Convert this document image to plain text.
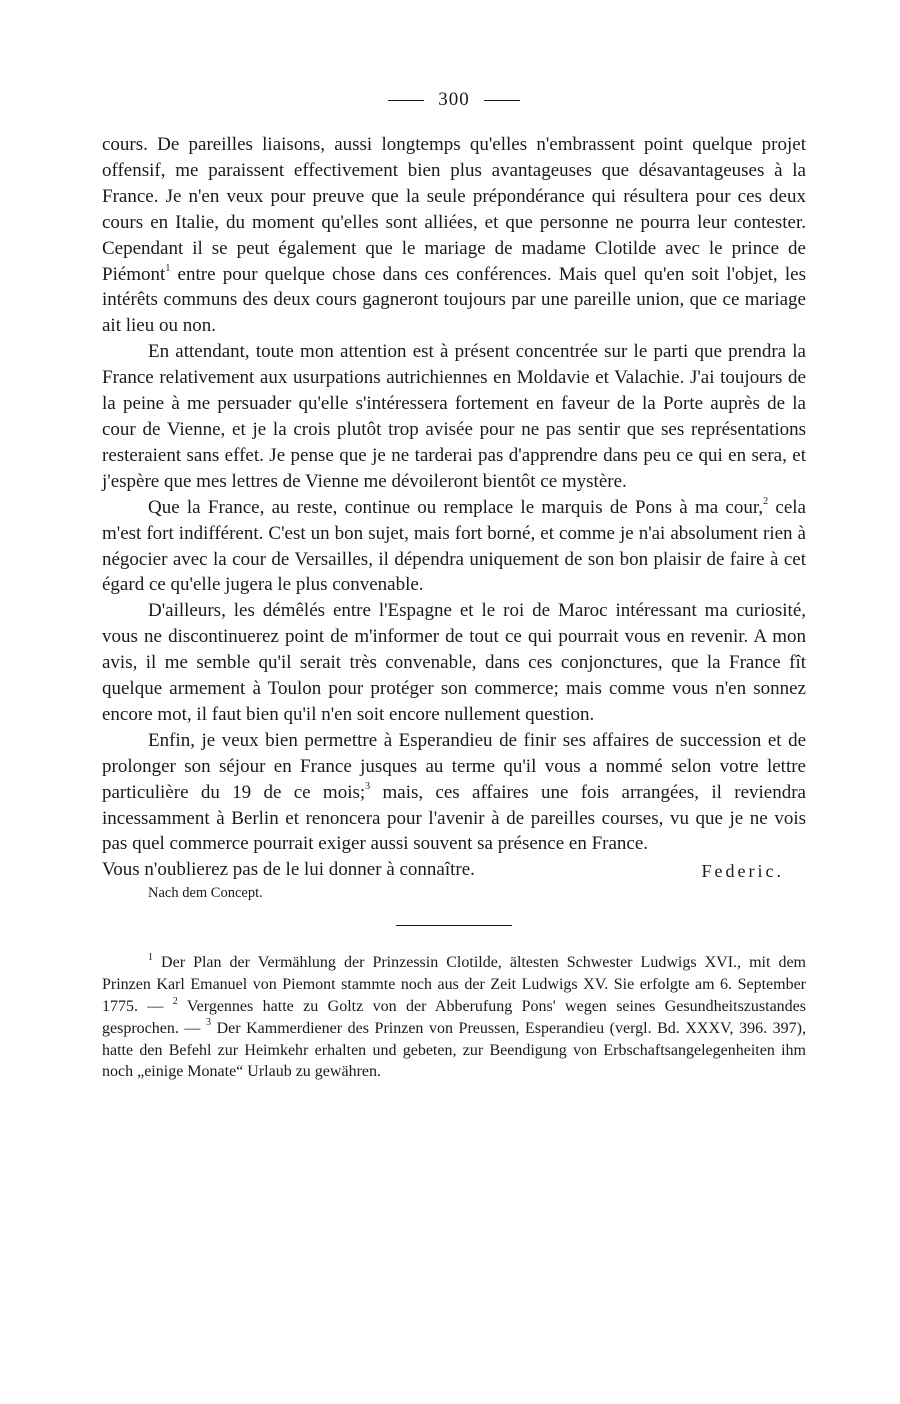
300

cours. De pareilles liaisons, aussi longtemps qu'elles n'embrassent point quelque projet offensif, me paraissent effectivement bien plus avantageuses que désavantageuses à la France. Je n'en veux pour preuve que la seule prépondérance qui résultera pour ces deux cours en Italie, du moment qu'elles sont alliées, et que personne ne pourra leur contester. Cependant il se peut également que le mariage de madame Clotilde avec le prince de Piémont$^1$ entre pour quelque chose dans ces conférences. Mais quel qu'en soit l'objet, les intérêts communs des deux cours gagneront toujours par une pareille union, que ce mariage ait lieu ou non.

En attendant, toute mon attention est à présent concentrée sur le parti que prendra la France relativement aux usurpations autrichiennes en Moldavie et Valachie. J'ai toujours de la peine à me persuader qu'elle s'intéressera fortement en faveur de la Porte auprès de la cour de Vienne, et je la crois plutôt trop avisée pour ne pas sentir que ses représentations resteraient sans effet. Je pense que je ne tarderai pas d'apprendre dans peu ce qui en sera, et j'espère que mes lettres de Vienne me dévoileront bientôt ce mystère.

Que la France, au reste, continue ou remplace le marquis de Pons à ma cour,$^2$ cela m'est fort indifférent. C'est un bon sujet, mais fort borné, et comme je n'ai absolument rien à négocier avec la cour de Versailles, il dépendra uniquement de son bon plaisir de faire à cet égard ce qu'elle jugera le plus convenable.

D'ailleurs, les démêlés entre l'Espagne et le roi de Maroc intéressant ma curiosité, vous ne discontinuerez point de m'informer de tout ce qui pourrait vous en revenir. A mon avis, il me semble qu'il serait très convenable, dans ces conjonctures, que la France fît quelque armement à Toulon pour protéger son commerce; mais comme vous n'en sonnez encore mot, il faut bien qu'il n'en soit encore nullement question.

Enfin, je veux bien permettre à Esperandieu de finir ses affaires de succession et de prolonger son séjour en France jusques au terme qu'il vous a nommé selon votre lettre particulière du 19 de ce mois;$^3$ mais, ces affaires une fois arrangées, il reviendra incessamment à Berlin et renoncera pour l'avenir à de pareilles courses, vu que je ne vois pas quel commerce pourrait exiger aussi souvent sa présence en France.

Vous n'oublierez pas de le lui donner à connaître.	Federic.
Nach dem Concept.

$^1$ Der Plan der Vermählung der Prinzessin Clotilde, ältesten Schwester Ludwigs XVI., mit dem Prinzen Karl Emanuel von Piemont stammte noch aus der Zeit Ludwigs XV. Sie erfolgte am 6. September 1775. — $^2$ Vergennes hatte zu Goltz von der Abberufung Pons' wegen seines Gesundheitszustandes gesprochen. — $^3$ Der Kammerdiener des Prinzen von Preussen, Esperandieu (vergl. Bd. XXXV, 396. 397), hatte den Befehl zur Heimkehr erhalten und gebeten, zur Beendigung von Erbschaftsangelegenheiten ihm noch „einige Monate“ Urlaub zu gewähren.
